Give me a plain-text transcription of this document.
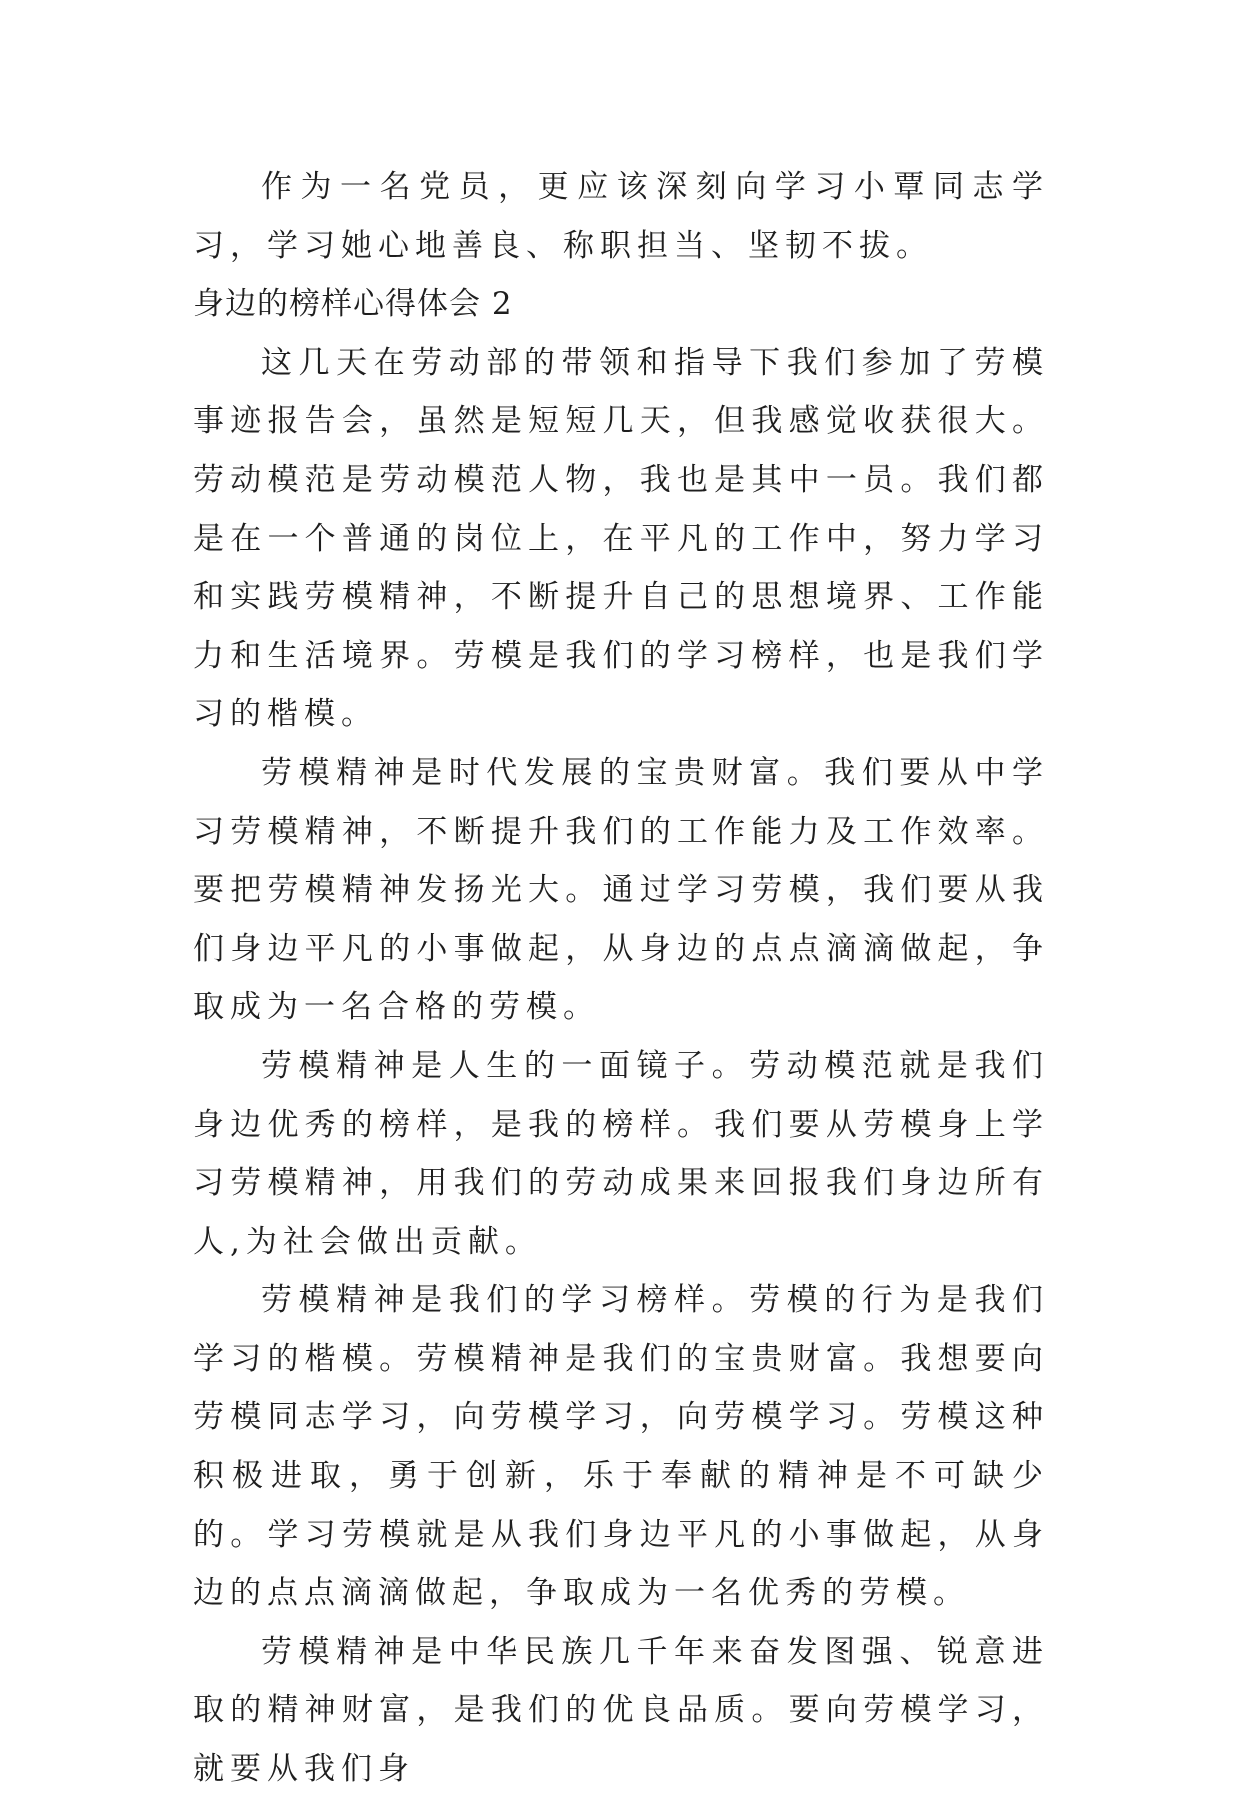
作为一名党员，更应该深刻向学习小覃同志学习，学习她心地善良、称职担当、坚韧不拔。

身边的榜样心得体会 2

这几天在劳动部的带领和指导下我们参加了劳模事迹报告会，虽然是短短几天，但我感觉收获很大。劳动模范是劳动模范人物，我也是其中一员。我们都是在一个普通的岗位上，在平凡的工作中，努力学习和实践劳模精神，不断提升自己的思想境界、工作能力和生活境界。劳模是我们的学习榜样，也是我们学习的楷模。

劳模精神是时代发展的宝贵财富。我们要从中学习劳模精神，不断提升我们的工作能力及工作效率。要把劳模精神发扬光大。通过学习劳模，我们要从我们身边平凡的小事做起，从身边的点点滴滴做起，争取成为一名合格的劳模。

劳模精神是人生的一面镜子。劳动模范就是我们身边优秀的榜样，是我的榜样。我们要从劳模身上学习劳模精神，用我们的劳动成果来回报我们身边所有人,为社会做出贡献。

劳模精神是我们的学习榜样。劳模的行为是我们学习的楷模。劳模精神是我们的宝贵财富。我想要向劳模同志学习，向劳模学习，向劳模学习。劳模这种积极进取，勇于创新，乐于奉献的精神是不可缺少的。学习劳模就是从我们身边平凡的小事做起，从身边的点点滴滴做起，争取成为一名优秀的劳模。

劳模精神是中华民族几千年来奋发图强、锐意进取的精神财富，是我们的优良品质。要向劳模学习，就要从我们身
